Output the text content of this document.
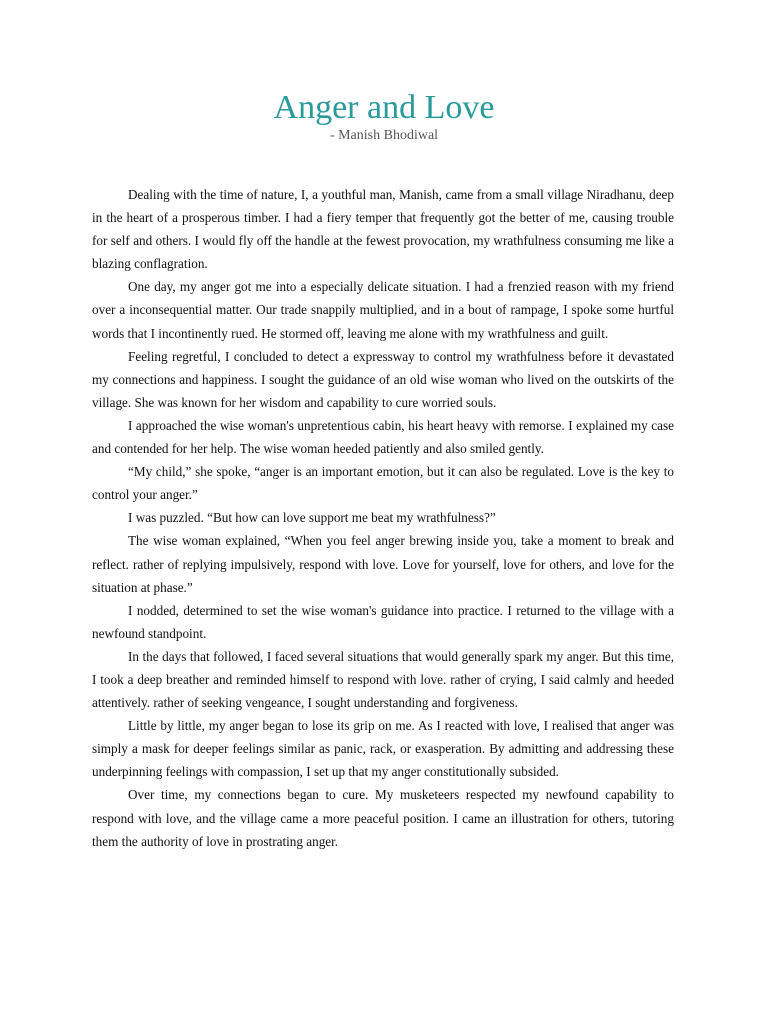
Anger and Love
- Manish Bhodiwal

Dealing with the time of nature, I, a youthful man, Manish, came from a small village Niradhanu, deep in the heart of a prosperous timber. I had a fiery temper that frequently got the better of me, causing trouble for self and others. I would fly off the handle at the fewest provocation, my wrathfulness consuming me like a blazing conflagration.

One day, my anger got me into a especially delicate situation. I had a frenzied reason with my friend over a inconsequential matter. Our trade snappily multiplied, and in a bout of rampage, I spoke some hurtful words that I incontinently rued. He stormed off, leaving me alone with my wrathfulness and guilt.

Feeling regretful, I concluded to detect a expressway to control my wrathfulness before it devastated my connections and happiness. I sought the guidance of an old wise woman who lived on the outskirts of the village. She was known for her wisdom and capability to cure worried souls.

I approached the wise woman's unpretentious cabin, his heart heavy with remorse. I explained my case and contended for her help. The wise woman heeded patiently and also smiled gently.

“My child,” she spoke, “anger is an important emotion, but it can also be regulated. Love is the key to control your anger.”

I was puzzled. “But how can love support me beat my wrathfulness?”

The wise woman explained, “When you feel anger brewing inside you, take a moment to break and reflect. rather of replying impulsively, respond with love. Love for yourself, love for others, and love for the situation at phase.”

I nodded, determined to set the wise woman's guidance into practice. I returned to the village with a newfound standpoint.

In the days that followed, I faced several situations that would generally spark my anger. But this time, I took a deep breather and reminded himself to respond with love. rather of crying, I said calmly and heeded attentively. rather of seeking vengeance, I sought understanding and forgiveness.

Little by little, my anger began to lose its grip on me. As I reacted with love, I realised that anger was simply a mask for deeper feelings similar as panic, rack, or exasperation. By admitting and addressing these underpinning feelings with compassion, I set up that my anger constitutionally subsided.

Over time, my connections began to cure. My musketeers respected my newfound capability to respond with love, and the village came a more peaceful position. I came an illustration for others, tutoring them the authority of love in prostrating anger.
